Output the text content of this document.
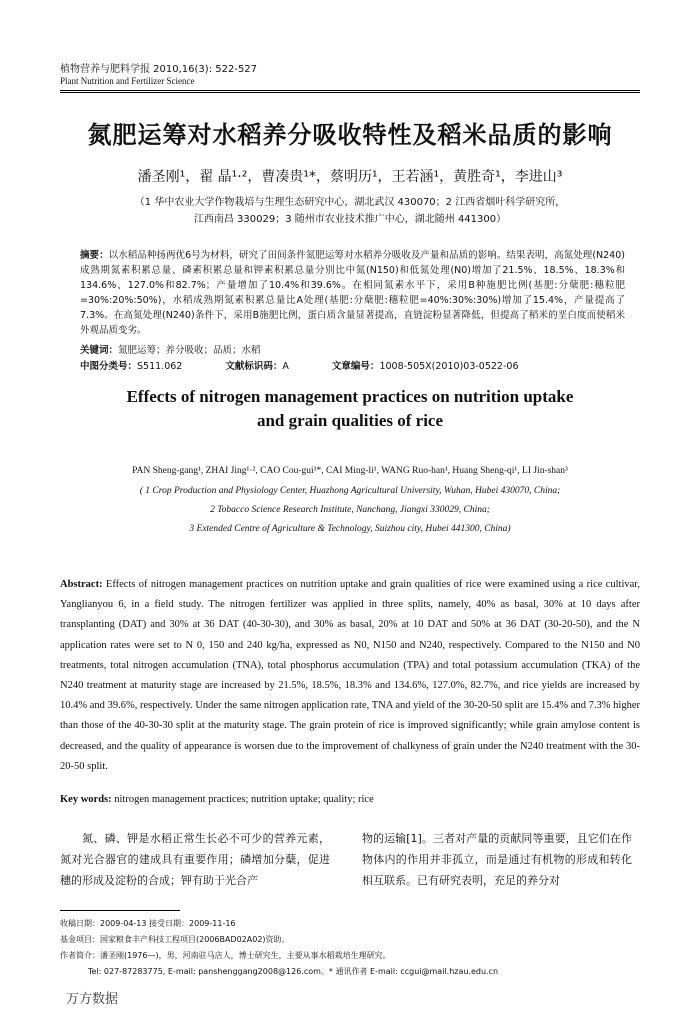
植物营养与肥料学报 2010,16(3): 522-527
Plant Nutrition and Fertilizer Science
氮肥运筹对水稻养分吸收特性及稻米品质的影响
潘圣刚¹，翟 晶¹·²，曹凑贵¹*，蔡明历¹，王若涵¹，黄胜奇¹，李进山³
（1 华中农业大学作物栽培与生理生态研究中心，湖北武汉 430070；2 江西省烟叶科学研究所，
江西南昌 330029；3 随州市农业技术推广中心，湖北随州 441300）
摘要：以水稻品种扬两优6号为材料，研究了田间条件氮肥运筹对水稻养分吸收及产量和品质的影响。结果表明，高氮处理(N240)成熟期氮素积累总量、磷素积累总量和钾素积累总量分别比中氮(N150)和低氮处理(N0)增加了21.5%、18.5%、18.3%和134.6%、127.0%和82.7%；产量增加了10.4%和39.6%。在相同氮素水平下，采用B种施肥比例(基肥:分蘖肥:穗粒肥=30%:20%:50%)，水稻成熟期氮素积累总量比A处理(基肥:分蘖肥:穗粒肥=40%:30%:30%)增加了15.4%，产量提高了7.3%。在高氮处理(N240)条件下，采用B施肥比例，蛋白质含量显著提高，直链淀粉显著降低，但提高了稻米的垩白度而使稻米外观品质变劣。
关键词：氮肥运筹；养分吸收；品质；水稻
中图分类号：S511.062	文献标识码：A	文章编号：1008-505X(2010)03-0522-06
Effects of nitrogen management practices on nutrition uptake
and grain qualities of rice
PAN Sheng-gang¹, ZHAI Jing¹·², CAO Cou-gui¹*, CAI Ming-li¹, WANG Ruo-han¹, Huang Sheng-qi¹, LI Jin-shan³
( 1 Crop Production and Physiology Center, Huazhong Agricultural University, Wuhan, Hubei 430070, China;
2 Tobacco Science Research Institute, Nanchang, Jiangxi 330029, China;
3 Extended Centre of Agriculture & Technology, Suizhou city, Hubei 441300, China)
Abstract: Effects of nitrogen management practices on nutrition uptake and grain qualities of rice were examined using a rice cultivar, Yanglianyou 6, in a field study. The nitrogen fertilizer was applied in three splits, namely, 40% as basal, 30% at 10 days after transplanting (DAT) and 30% at 36 DAT (40-30-30), and 30% as basal, 20% at 10 DAT and 50% at 36 DAT (30-20-50), and the N application rates were set to N 0, 150 and 240 kg/ha, expressed as N0, N150 and N240, respectively. Compared to the N150 and N0 treatments, total nitrogen accumulation (TNA), total phosphorus accumulation (TPA) and total potassium accumulation (TKA) of the N240 treatment at maturity stage are increased by 21.5%, 18.5%, 18.3% and 134.6%, 127.0%, 82.7%, and rice yields are increased by 10.4% and 39.6%, respectively. Under the same nitrogen application rate, TNA and yield of the 30-20-50 split are 15.4% and 7.3% higher than those of the 40-30-30 split at the maturity stage. The grain protein of rice is improved significantly; while grain amylose content is decreased, and the quality of appearance is worsen due to the improvement of chalkyness of grain under the N240 treatment with the 30-20-50 split.
Key words: nitrogen management practices; nutrition uptake; quality; rice
氮、磷、钾是水稻正常生长必不可少的营养元素，氮对光合器官的建成具有重要作用；磷增加分蘖，促进穗的形成及淀粉的合成；钾有助于光合产
物的运输[1]。三者对产量的贡献同等重要，且它们在作物体内的作用并非孤立，而是通过有机物的形成和转化相互联系。已有研究表明，充足的养分对
收稿日期：2009-04-13 接受日期：2009-11-16
基金项目：国家粮食丰产科技工程项目(2006BAD02A02)资助。
作者简介：潘圣刚(1976—)，男，河南驻马店人，博士研究生，主要从事水稻栽培生理研究。
Tel: 027-87283775, E-mail: panshenggang2008@126.com。* 通讯作者 E-mail: ccgui@mail.hzau.edu.cn
万方数据
